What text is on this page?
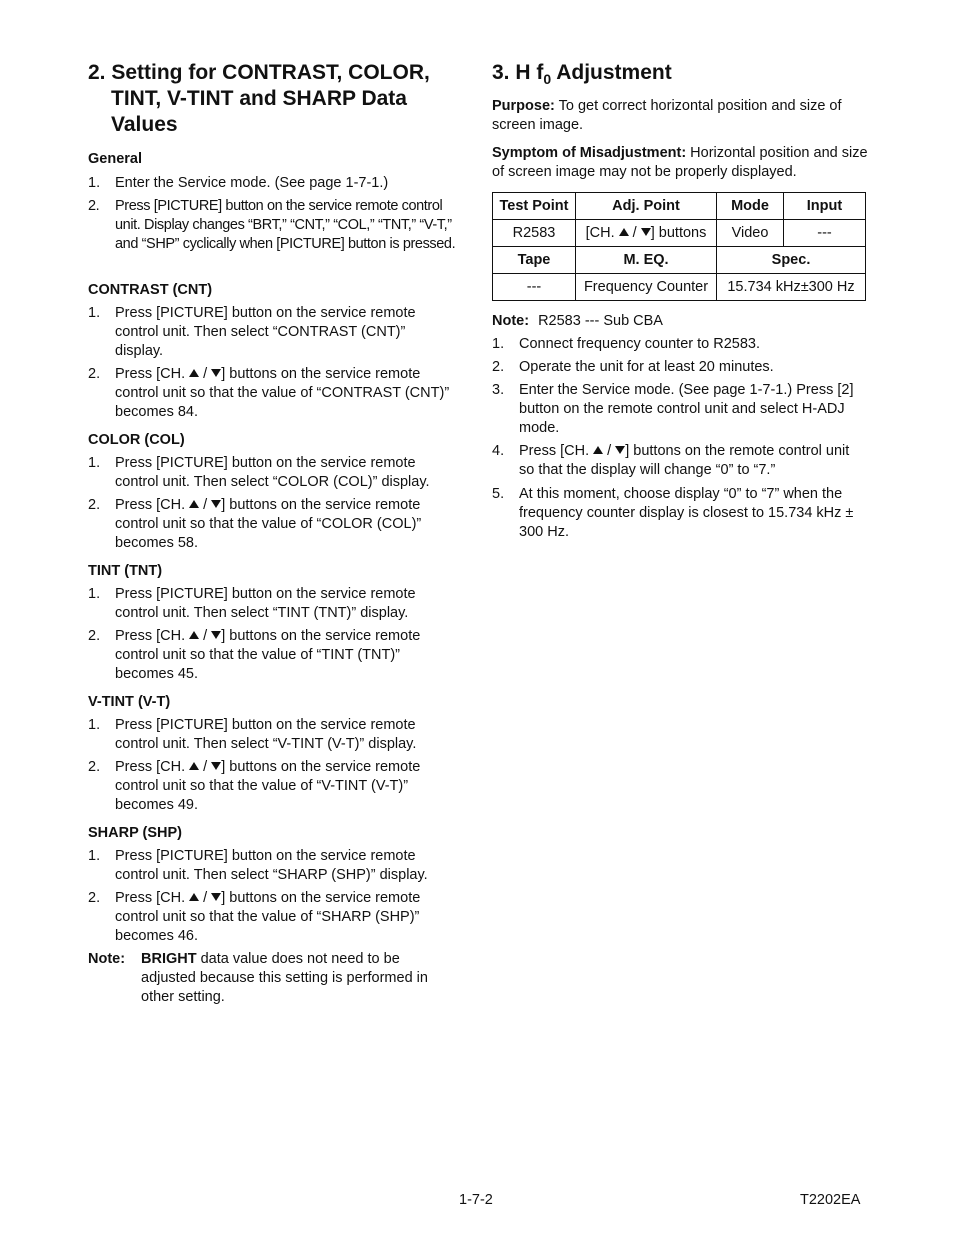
2. Setting for CONTRAST, COLOR, TINT, V-TINT and SHARP Data Values
General
1. Enter the Service mode. (See page 1-7-1.)
2. Press [PICTURE] button on the service remote control unit. Display changes “BRT,” “CNT,” “COL,” “TNT,” “V-T,” and “SHP” cyclically when [PICTURE] button is pressed.
CONTRAST (CNT)
1. Press [PICTURE] button on the service remote control unit. Then select “CONTRAST (CNT)” display.
2. Press [CH.  / ] buttons on the service remote control unit so that the value of “CONTRAST (CNT)” becomes 84.
COLOR (COL)
1. Press [PICTURE] button on the service remote control unit. Then select “COLOR (COL)” display.
2. Press [CH.  / ] buttons on the service remote control unit so that the value of “COLOR (COL)” becomes 58.
TINT (TNT)
1. Press [PICTURE] button on the service remote control unit. Then select “TINT (TNT)” display.
2. Press [CH.  / ] buttons on the service remote control unit so that the value of “TINT (TNT)” becomes 45.
V-TINT (V-T)
1. Press [PICTURE] button on the service remote control unit. Then select “V-TINT (V-T)” display.
2. Press [CH.  / ] buttons on the service remote control unit so that the value of “V-TINT (V-T)” becomes 49.
SHARP (SHP)
1. Press [PICTURE] button on the service remote control unit. Then select “SHARP (SHP)” display.
2. Press [CH.  / ] buttons on the service remote control unit so that the value of “SHARP (SHP)” becomes 46.
Note: BRIGHT data value does not need to be adjusted because this setting is performed in other setting.
3. H $f_0$ Adjustment
Purpose: To get correct horizontal position and size of screen image.
Symptom of Misadjustment: Horizontal position and size of screen image may not be properly displayed.
Test Point	Adj. Point	Mode	Input
R2583	[CH.  / ] buttons	Video	---
Tape	M. EQ.	Spec.	
---	Frequency Counter	15.734 kHz±300 Hz	
Note: R2583 --- Sub CBA
1. Connect frequency counter to R2583.
2. Operate the unit for at least 20 minutes.
3. Enter the Service mode. (See page 1-7-1.) Press [2] button on the remote control unit and select H-ADJ mode.
4. Press [CH.  / ] buttons on the remote control unit so that the display will change “0” to “7.”
5. At this moment, choose display “0” to “7” when the frequency counter display is closest to 15.734 kHz ± 300 Hz.
1-7-2	T2202EA
